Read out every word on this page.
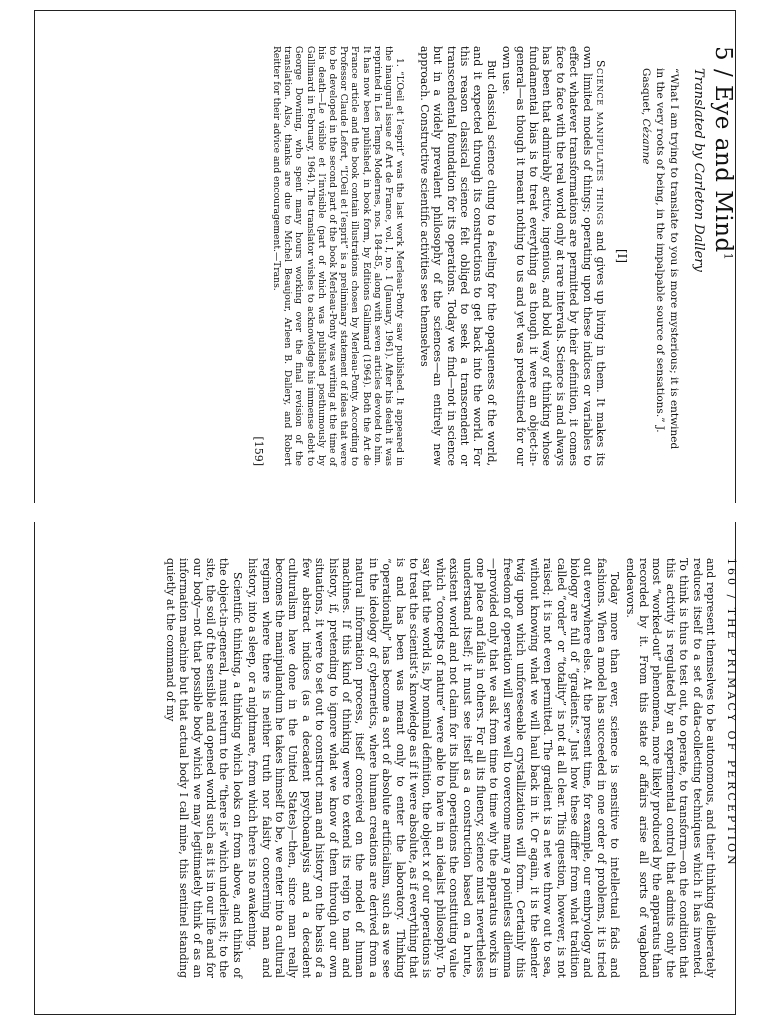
5 / Eye and Mind$^1$
Translated by Carleton Dallery
“What I am trying to translate to you is more mysterious; it is entwined in the very roots of being, in the impalpable source of sensations.” J. Gasquet, Cézanne
[I]

Science manipulates things and gives up living in them. It makes its own limited models of things; operating upon these indices or variables to effect whatever transformations are permitted by their definition, it comes face to face with the real world only at rare intervals. Science is and always has been that admirably active, ingenious, and bold way of thinking whose fundamental bias is to treat everything as though it were an object-in-general—as though it meant nothing to us and yet was predestined for our own use.

But classical science clung to a feeling for the opaqueness of the world, and it expected through its constructions to get back into the world. For this reason classical science felt obliged to seek a transcendent or transcendental foundation for its operations. Today we find—not in science but in a widely prevalent philosophy of the sciences—an entirely new approach. Constructive scientific activities see themselves

1. “L’Oeil et l’esprit” was the last work Merleau-Ponty saw published. It appeared in the inaugural issue of Art de France, vol. I, no. 1 (January, 1961). After his death it was reprinted in Les Temps Modernes, nos. 184–85, along with seven articles devoted to him. It has now been published, in book form, by Editions Gallimard (1964). Both the Art de France article and the book contain illustrations chosen by Merleau-Ponty. According to Professor Claude Lefort, “L’Oeil et l’esprit” is a preliminary statement of ideas that were to be developed in the second part of the book Merleau-Ponty was writing at the time of his death—Le visible et l’invisible (part of which was published posthumously by Gallimard in February, 1964). The translator wishes to acknowledge his immense debt to George Downing, who spent many hours working over the final revision of the translation. Also, thanks are due to Michel Beaujour, Arleen B. Dallery, and Robert Reitter for their advice and encouragement.—Trans.

[159]
160 / THE PRIMACY OF PERCEPTION

and represent themselves to be autonomous, and their thinking deliberately reduces itself to a set of data-collecting techniques which it has invented. To think is thus to test out, to operate, to transform—on the condition that this activity is regulated by an experimental control that admits only the most “worked-out” phenomena, more likely produced by the apparatus than recorded by it. From this state of affairs arise all sorts of vagabond endeavors.

Today more than ever, science is sensitive to intellectual fads and fashions. When a model has succeeded in one order of problems, it is tried out everywhere else. At the present time, for example, our embryology and biology are full of “gradients.” Just how these differ from what tradition called “order” or “totality” is not at all clear. This question, however, is not raised; it is not even permitted. The gradient is a net we throw out to sea, without knowing what we will haul back in it. Or again, it is the slender twig upon which unforeseeable crystallizations will form. Certainly this freedom of operation will serve well to overcome many a pointless dilemma—provided only that we ask from time to time why the apparatus works in one place and fails in others. For all its fluency, science must nevertheless understand itself; it must see itself as a construction based on a brute, existent world and not claim for its blind operations the constituting value which “concepts of nature” were able to have in an idealist philosophy. To say that the world is, by nominal definition, the object x of our operations is to treat the scientist’s knowledge as if it were absolute, as if everything that is and has been was meant only to enter the laboratory. Thinking “operationally” has become a sort of absolute artificialism, such as we see in the ideology of cybernetics, where human creations are derived from a natural information process, itself conceived on the model of human machines. If this kind of thinking were to extend its reign to man and history, if, pretending to ignore what we know of them through our own situations, it were to set out to construct man and history on the basis of a few abstract indices (as a decadent psychoanalysis and a decadent culturalism have done in the United States)—then, since man really becomes the manipulandum he takes himself to be, we enter into a cultural regimen where there is neither truth nor falsity concerning man and history, into a sleep, or a nightmare, from which there is no awakening.

Scientific thinking, a thinking which looks on from above, and thinks of the object-in-general, must return to the “there is” which underlies it; to the site, the soil of the sensible and opened world such as it is in our life and for our body—not that possible body which we may legitimately think of as an information machine but that actual body I call mine, this sentinel standing quietly at the command of my
